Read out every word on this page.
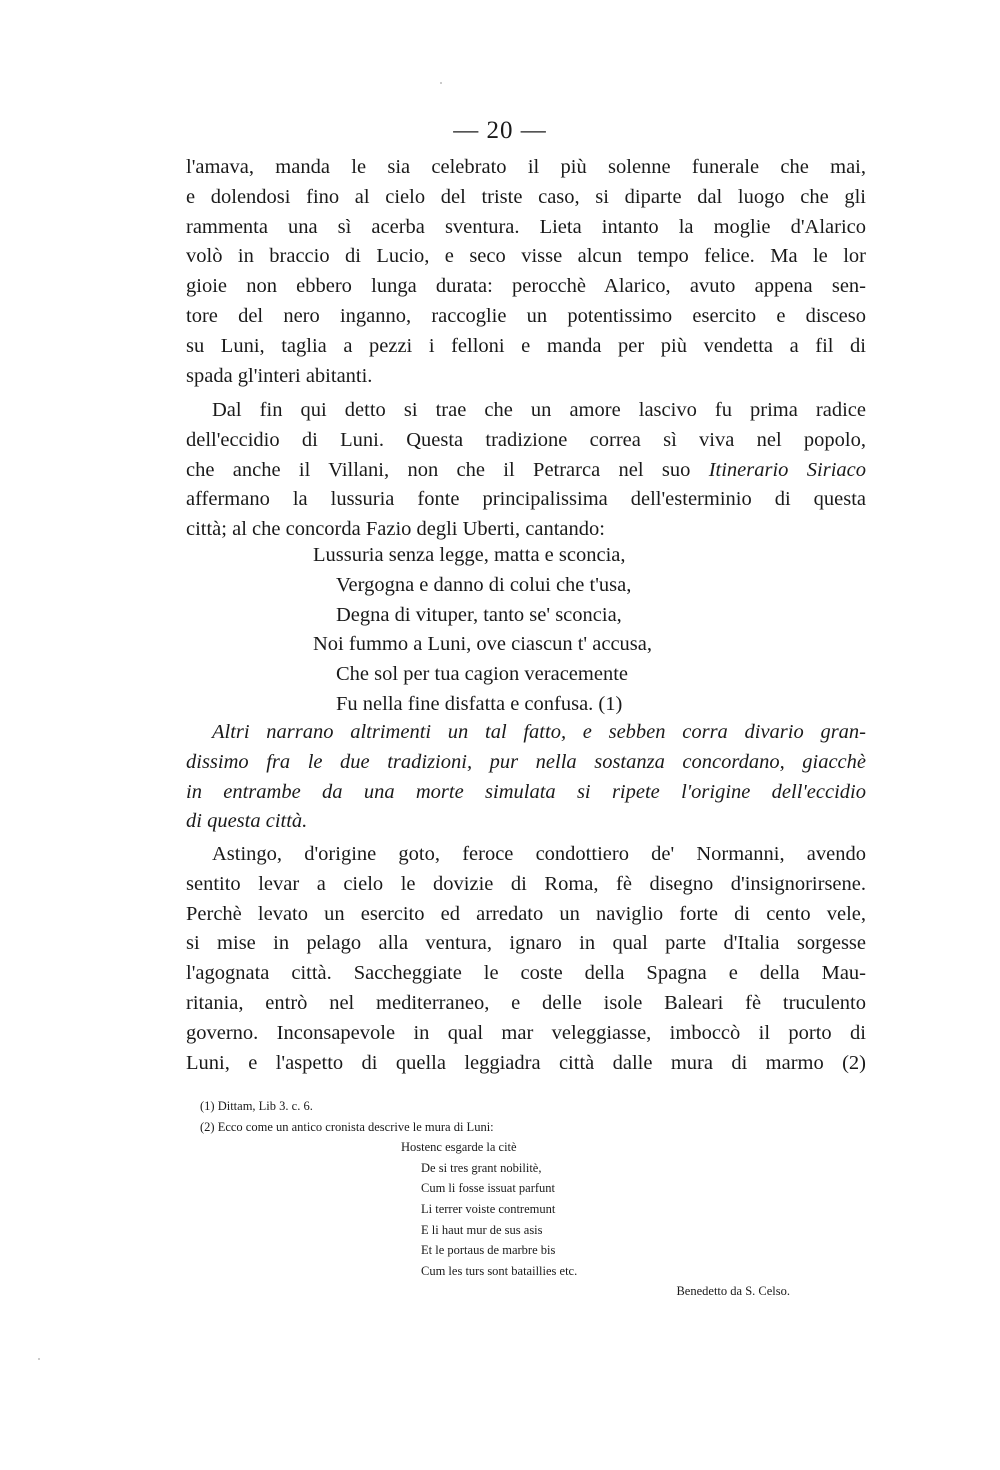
— 20 —
l'amava, manda le sia celebrato il più solenne funerale che mai,
e dolendosi fino al cielo del triste caso, si diparte dal luogo che gli
rammenta una sì acerba sventura. Lieta intanto la moglie d'Alarico
volò in braccio di Lucio, e seco visse alcun tempo felice. Ma le lor
gioie non ebbero lunga durata: perocchè Alarico, avuto appena sen-
tore del nero inganno, raccoglie un potentissimo esercito e disceso
su Luni, taglia a pezzi i felloni e manda per più vendetta a fil di
spada gl'interi abitanti.
Dal fin qui detto si trae che un amore lascivo fu prima radice
dell'eccidio di Luni. Questa tradizione correa sì viva nel popolo,
che anche il Villani, non che il Petrarca nel suo Itinerario Siriaco
affermano la lussuria fonte principalissima dell'esterminio di questa
città; al che concorda Fazio degli Uberti, cantando:
Lussuria senza legge, matta e sconcia,
Vergogna e danno di colui che t'usa,
Degna di vituper, tanto se' sconcia,
Noi fummo a Luni, ove ciascun t' accusa,
Che sol per tua cagion veracemente
Fu nella fine disfatta e confusa. (1)
Altri narrano altrimenti un tal fatto, e sebben corra divario gran-
dissimo fra le due tradizioni, pur nella sostanza concordano, giacchè
in entrambe da una morte simulata si ripete l'origine dell'eccidio
di questa città.
Astingo, d'origine goto, feroce condottiero de' Normanni, avendo
sentito levar a cielo le dovizie di Roma, fè disegno d'insignorirsene.
Perchè levato un esercito ed arredato un naviglio forte di cento vele,
si mise in pelago alla ventura, ignaro in qual parte d'Italia sorgesse
l'agognata città. Saccheggiate le coste della Spagna e della Mau-
ritania, entrò nel mediterraneo, e delle isole Baleari fè truculento
governo. Inconsapevole in qual mar veleggiasse, imboccò il porto di
Luni, e l'aspetto di quella leggiadra città dalle mura di marmo (2)
(1) Dittam, Lib 3. c. 6.
(2) Ecco come un antico cronista descrive le mura di Luni:
Hostenc esgarde la citè
De si tres grant nobilitè,
Cum li fosse issuat parfunt
Li terrer voiste contremunt
E li haut mur de sus asis
Et le portaus de marbre bis
Cum les turs sont bataillies etc.
Benedetto da S. Celso.
